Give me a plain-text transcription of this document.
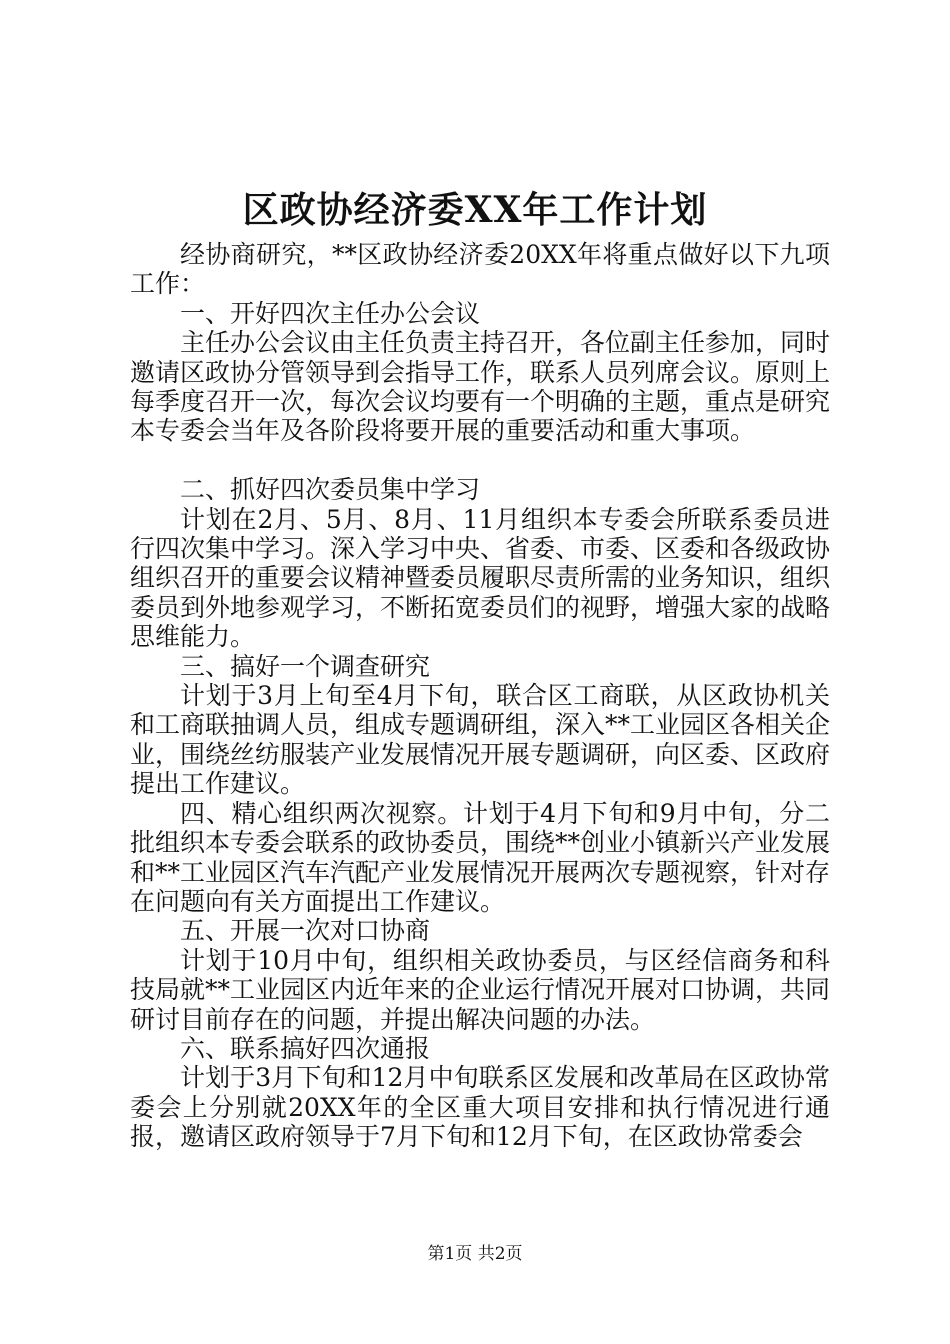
区政协经济委XX年工作计划

经协商研究，**区政协经济委20XX年将重点做好以下九项工作：

一、开好四次主任办公会议

主任办公会议由主任负责主持召开，各位副主任参加，同时邀请区政协分管领导到会指导工作，联系人员列席会议。原则上每季度召开一次，每次会议均要有一个明确的主题，重点是研究本专委会当年及各阶段将要开展的重要活动和重大事项。

二、抓好四次委员集中学习

计划在2月、5月、8月、11月组织本专委会所联系委员进行四次集中学习。深入学习中央、省委、市委、区委和各级政协组织召开的重要会议精神暨委员履职尽责所需的业务知识，组织委员到外地参观学习，不断拓宽委员们的视野，增强大家的战略思维能力。

三、搞好一个调查研究

计划于3月上旬至4月下旬，联合区工商联，从区政协机关和工商联抽调人员，组成专题调研组，深入**工业园区各相关企业，围绕丝纺服装产业发展情况开展专题调研，向区委、区政府提出工作建议。

四、精心组织两次视察。计划于4月下旬和9月中旬，分二批组织本专委会联系的政协委员，围绕**创业小镇新兴产业发展和**工业园区汽车汽配产业发展情况开展两次专题视察，针对存在问题向有关方面提出工作建议。

五、开展一次对口协商

计划于10月中旬，组织相关政协委员，与区经信商务和科技局就**工业园区内近年来的企业运行情况开展对口协调，共同研讨目前存在的问题，并提出解决问题的办法。

六、联系搞好四次通报

计划于3月下旬和12月中旬联系区发展和改革局在区政协常委会上分别就20XX年的全区重大项目安排和执行情况进行通报，邀请区政府领导于7月下旬和12月下旬，在区政协常委会

第1页 共2页
